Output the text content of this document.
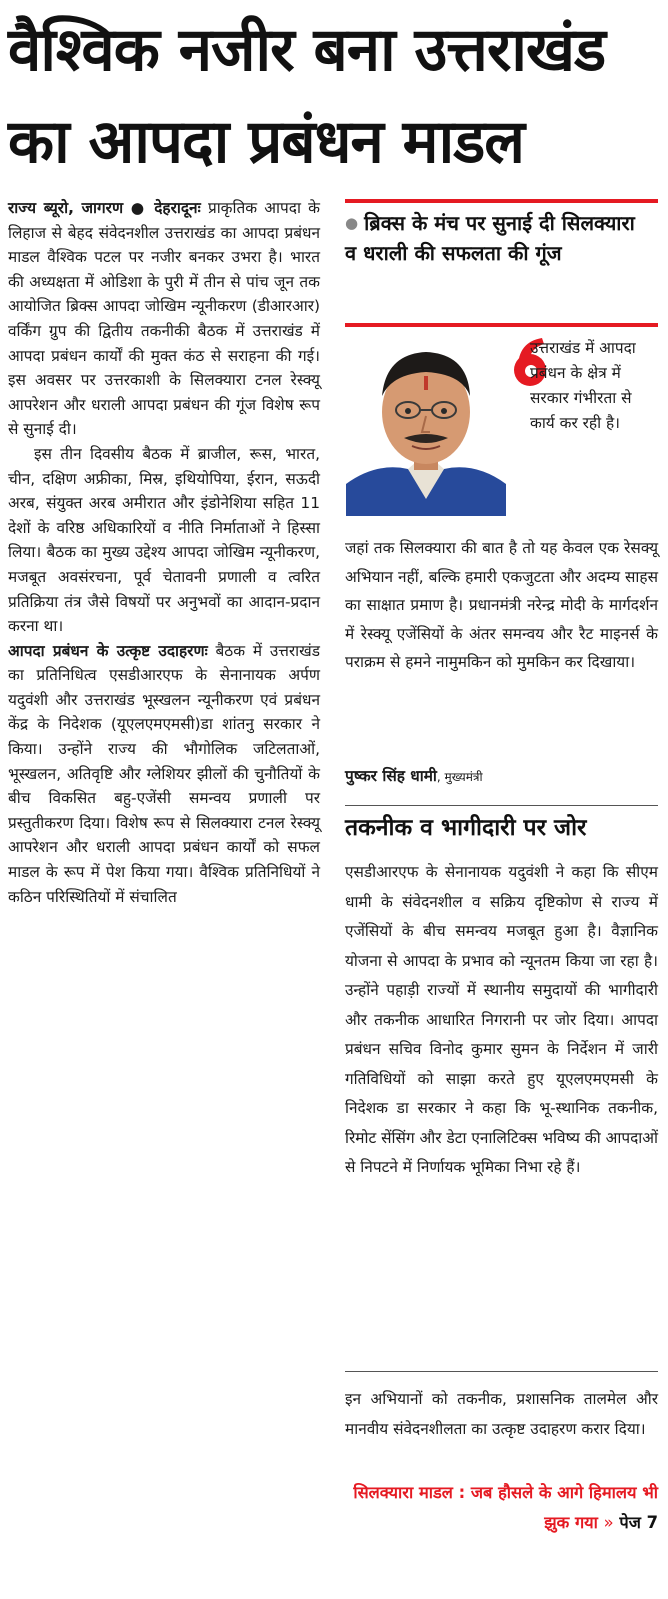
वैश्विक नजीर बना उत्तराखंड
का आपदा प्रबंधन माडल

राज्य ब्यूरो, जागरण ● देहरादूनः प्राकृतिक आपदा के लिहाज से बेहद संवेदनशील उत्तराखंड का आपदा प्रबंधन माडल वैश्विक पटल पर नजीर बनकर उभरा है। भारत की अध्यक्षता में ओडिशा के पुरी में तीन से पांच जून तक आयोजित ब्रिक्स आपदा जोखिम न्यूनीकरण (डीआरआर) वर्किंग ग्रुप की द्वितीय तकनीकी बैठक में उत्तराखंड में आपदा प्रबंधन कार्यों की मुक्त कंठ से सराहना की गई। इस अवसर पर उत्तरकाशी के सिलक्यारा टनल रेस्क्यू आपरेशन और धराली आपदा प्रबंधन की गूंज विशेष रूप से सुनाई दी।

इस तीन दिवसीय बैठक में ब्राजील, रूस, भारत, चीन, दक्षिण अफ्रीका, मिस्र, इथियोपिया, ईरान, सऊदी अरब, संयुक्त अरब अमीरात और इंडोनेशिया सहित 11 देशों के वरिष्ठ अधिकारियों व नीति निर्माताओं ने हिस्सा लिया। बैठक का मुख्य उद्देश्य आपदा जोखिम न्यूनीकरण, मजबूत अवसंरचना, पूर्व चेतावनी प्रणाली व त्वरित प्रतिक्रिया तंत्र जैसे विषयों पर अनुभवों का आदान-प्रदान करना था।

आपदा प्रबंधन के उत्कृष्ट उदाहरणः बैठक में उत्तराखंड का प्रतिनिधित्व एसडीआरएफ के सेनानायक अर्पण यदुवंशी और उत्तराखंड भूस्खलन न्यूनीकरण एवं प्रबंधन केंद्र के निदेशक (यूएलएमएमसी)डा शांतनु सरकार ने किया। उन्होंने राज्य की भौगोलिक जटिलताओं, भूस्खलन, अतिवृष्टि और ग्लेशियर झीलों की चुनौतियों के बीच विकसित बहु-एजेंसी समन्वय प्रणाली पर प्रस्तुतीकरण दिया। विशेष रूप से सिलक्यारा टनल रेस्क्यू आपरेशन और धराली आपदा प्रबंधन कार्यों को सफल माडल के रूप में पेश किया गया। वैश्विक प्रतिनिधियों ने कठिन परिस्थितियों में संचालित

● ब्रिक्स के मंच पर सुनाई दी सिलक्यारा व धराली की सफलता की गूंज
उत्तराखंड में आपदा प्रबंधन के क्षेत्र में सरकार गंभीरता से कार्य कर रही है।
जहां तक सिलक्यारा की बात है तो यह केवल एक रेसक्यू अभियान नहीं, बल्कि हमारी एकजुटता और अदम्य साहस का साक्षात प्रमाण है। प्रधानमंत्री नरेन्द्र मोदी के मार्गदर्शन में रेस्क्यू एजेंसियों के अंतर समन्वय और रैट माइनर्स के पराक्रम से हमने नामुमकिन को मुमकिन कर दिखाया।
पुष्कर सिंह धामी, मुख्यमंत्री
तकनीक व भागीदारी पर जोर
एसडीआरएफ के सेनानायक यदुवंशी ने कहा कि सीएम धामी के संवेदनशील व सक्रिय दृष्टिकोण से राज्य में एजेंसियों के बीच समन्वय मजबूत हुआ है। वैज्ञानिक योजना से आपदा के प्रभाव को न्यूनतम किया जा रहा है। उन्होंने पहाड़ी राज्यों में स्थानीय समुदायों की भागीदारी और तकनीक आधारित निगरानी पर जोर दिया। आपदा प्रबंधन सचिव विनोद कुमार सुमन के निर्देशन में जारी गतिविधियों को साझा करते हुए यूएलएमएमसी के निदेशक डा सरकार ने कहा कि भू-स्थानिक तकनीक, रिमोट सेंसिंग और डेटा एनालिटिक्स भविष्य की आपदाओं से निपटने में निर्णायक भूमिका निभा रहे हैं।
इन अभियानों को तकनीक, प्रशासनिक तालमेल और मानवीय संवेदनशीलता का उत्कृष्ट उदाहरण करार दिया।
सिलक्यारा माडल : जब हौसले के आगे हिमालय भी झुक गया » पेज 7
